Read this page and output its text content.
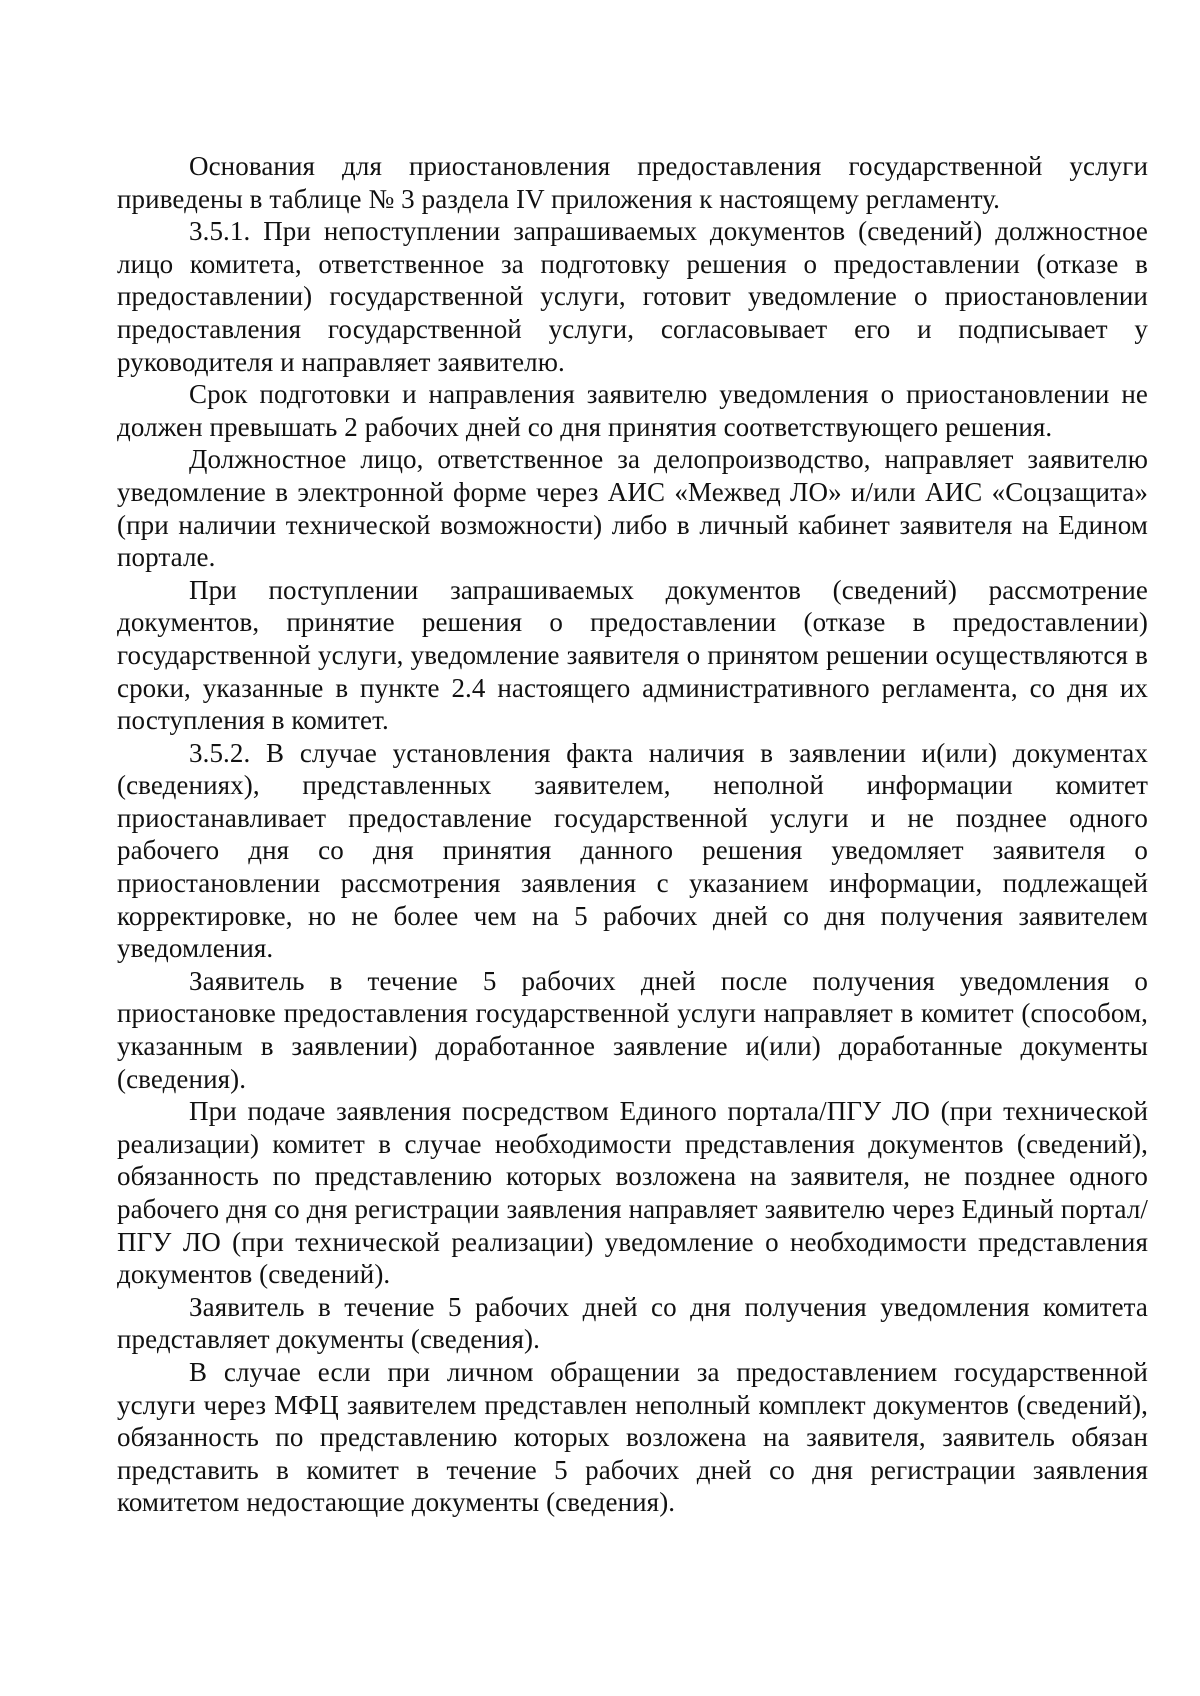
Основания для приостановления предоставления государственной услуги приведены в таблице № 3 раздела IV приложения к настоящему регламенту.

3.5.1. При непоступлении запрашиваемых документов (сведений) должностное лицо комитета, ответственное за подготовку решения о предоставлении (отказе в предоставлении) государственной услуги, готовит уведомление о приостановлении предоставления государственной услуги, согласовывает его и подписывает у руководителя и направляет заявителю.

Срок подготовки и направления заявителю уведомления о приостановлении не должен превышать 2 рабочих дней со дня принятия соответствующего решения.

Должностное лицо, ответственное за делопроизводство, направляет заявителю уведомление в электронной форме через АИС «Межвед ЛО» и/или АИС «Соцзащита» (при наличии технической возможности) либо в личный кабинет заявителя на Едином портале.

При поступлении запрашиваемых документов (сведений) рассмотрение документов, принятие решения о предоставлении (отказе в предоставлении) государственной услуги, уведомление заявителя о принятом решении осуществляются в сроки, указанные в пункте 2.4 настоящего административного регламента, со дня их поступления в комитет.

3.5.2. В случае установления факта наличия в заявлении и(или) документах (сведениях), представленных заявителем, неполной информации комитет приостанавливает предоставление государственной услуги и не позднее одного рабочего дня со дня принятия данного решения уведомляет заявителя о приостановлении рассмотрения заявления с указанием информации, подлежащей корректировке, но не более чем на 5 рабочих дней со дня получения заявителем уведомления.

Заявитель в течение 5 рабочих дней после получения уведомления о приостановке предоставления государственной услуги направляет в комитет (способом, указанным в заявлении) доработанное заявление и(или) доработанные документы (сведения).

При подаче заявления посредством Единого портала/ПГУ ЛО (при технической реализации) комитет в случае необходимости представления документов (сведений), обязанность по представлению которых возложена на заявителя, не позднее одного рабочего дня со дня регистрации заявления направляет заявителю через Единый портал/ПГУ ЛО (при технической реализации) уведомление о необходимости представления документов (сведений).

Заявитель в течение 5 рабочих дней со дня получения уведомления комитета представляет документы (сведения).

В случае если при личном обращении за предоставлением государственной услуги через МФЦ заявителем представлен неполный комплект документов (сведений), обязанность по представлению которых возложена на заявителя, заявитель обязан представить в комитет в течение 5 рабочих дней со дня регистрации заявления комитетом недостающие документы (сведения).
